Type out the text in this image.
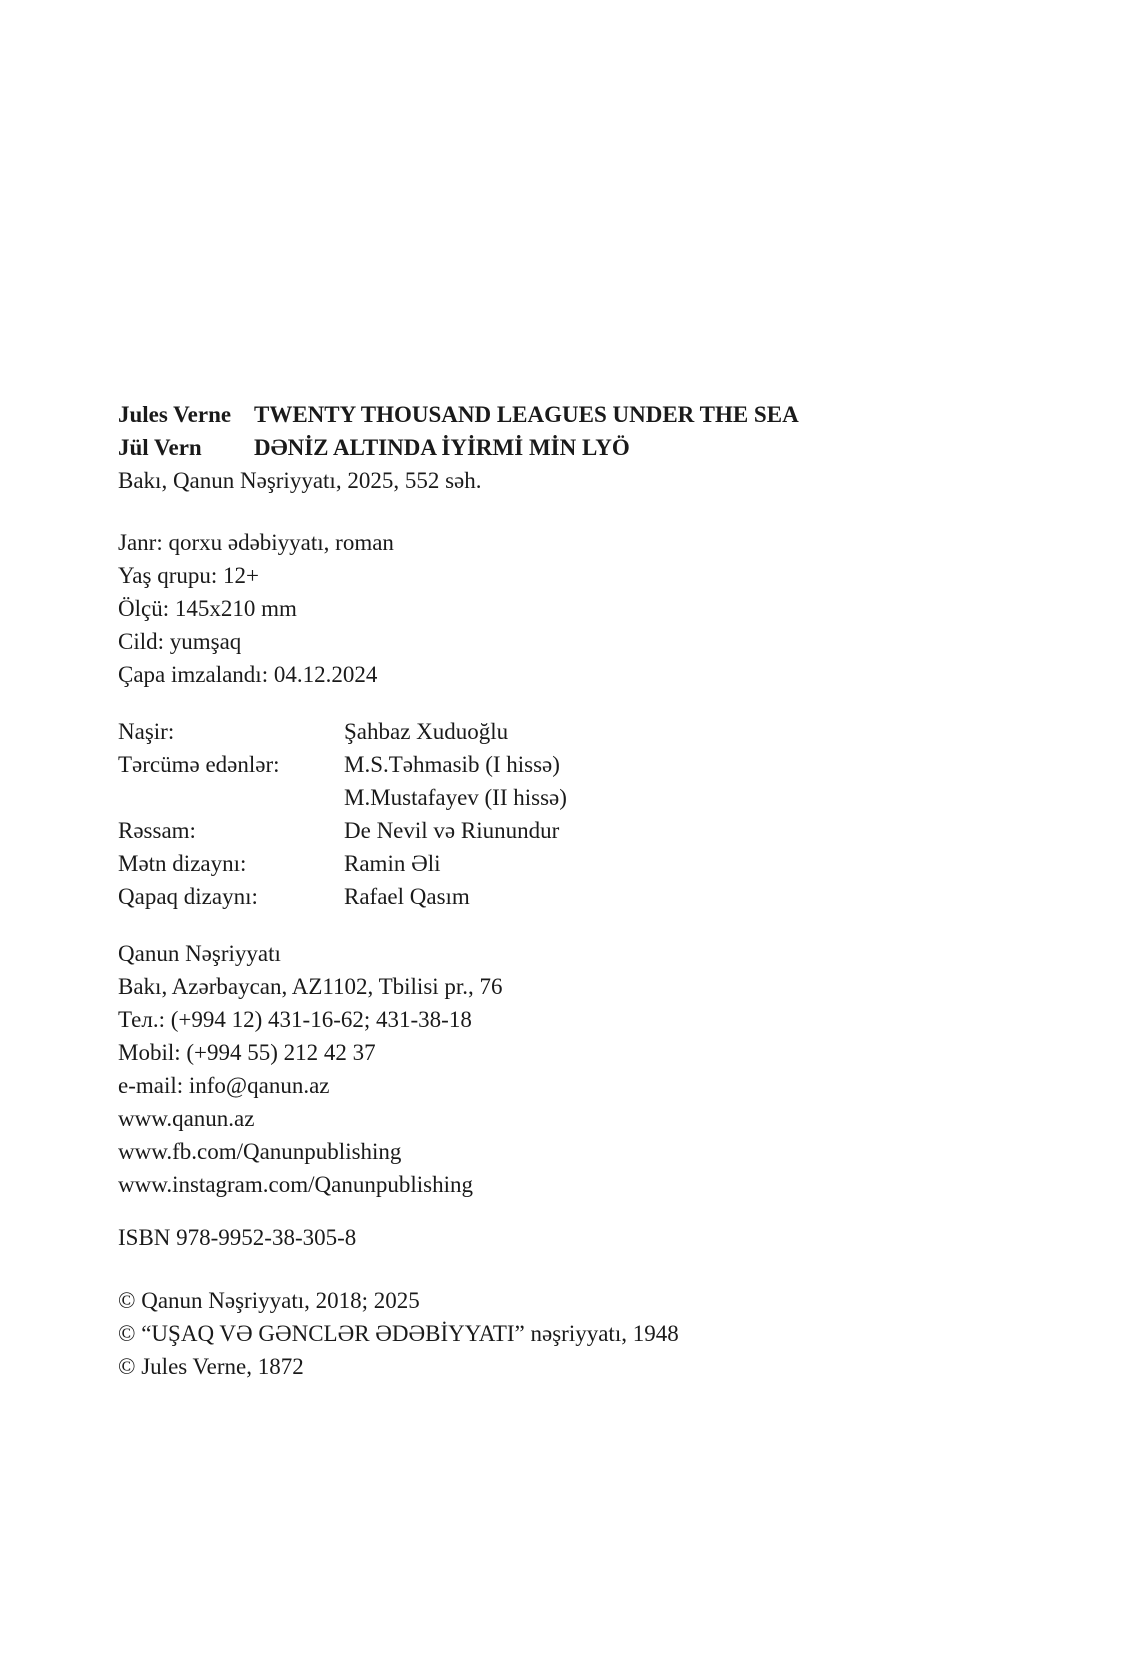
Jules Verne TWENTY THOUSAND LEAGUES UNDER THE SEA
Jül Vern DƏNİZ ALTINDA İYİRMİ MİN LYÖ
Bakı, Qanun Nəşriyyatı, 2025, 552 səh.
Janr: qorxu ədəbiyyatı, roman
Yaş qrupu: 12+
Ölçü: 145x210 mm
Cild: yumşaq
Çapa imzalandı: 04.12.2024
Naşir:	Şahbaz Xuduoğlu
Tərcümə edənlər:	M.S.Təhmasib (I hissə)
M.Mustafayev (II hissə)
Rəssam:	De Nevil və Riunundur
Mətn dizaynı:	Ramin Əli
Qapaq dizaynı:	Rafael Qasım
Qanun Nəşriyyatı
Bakı, Azərbaycan, AZ1102, Tbilisi pr., 76
Тел.: (+994 12) 431-16-62; 431-38-18
Mobil: (+994 55) 212 42 37
e-mail: info@qanun.az
www.qanun.az
www.fb.com/Qanunpublishing
www.instagram.com/Qanunpublishing
ISBN 978-9952-38-305-8
© Qanun Nəşriyyatı, 2018; 2025
© “UŞAQ VƏ GƏNCLƏR ƏDƏBİYYATI” nəşriyyatı, 1948
© Jules Verne, 1872
